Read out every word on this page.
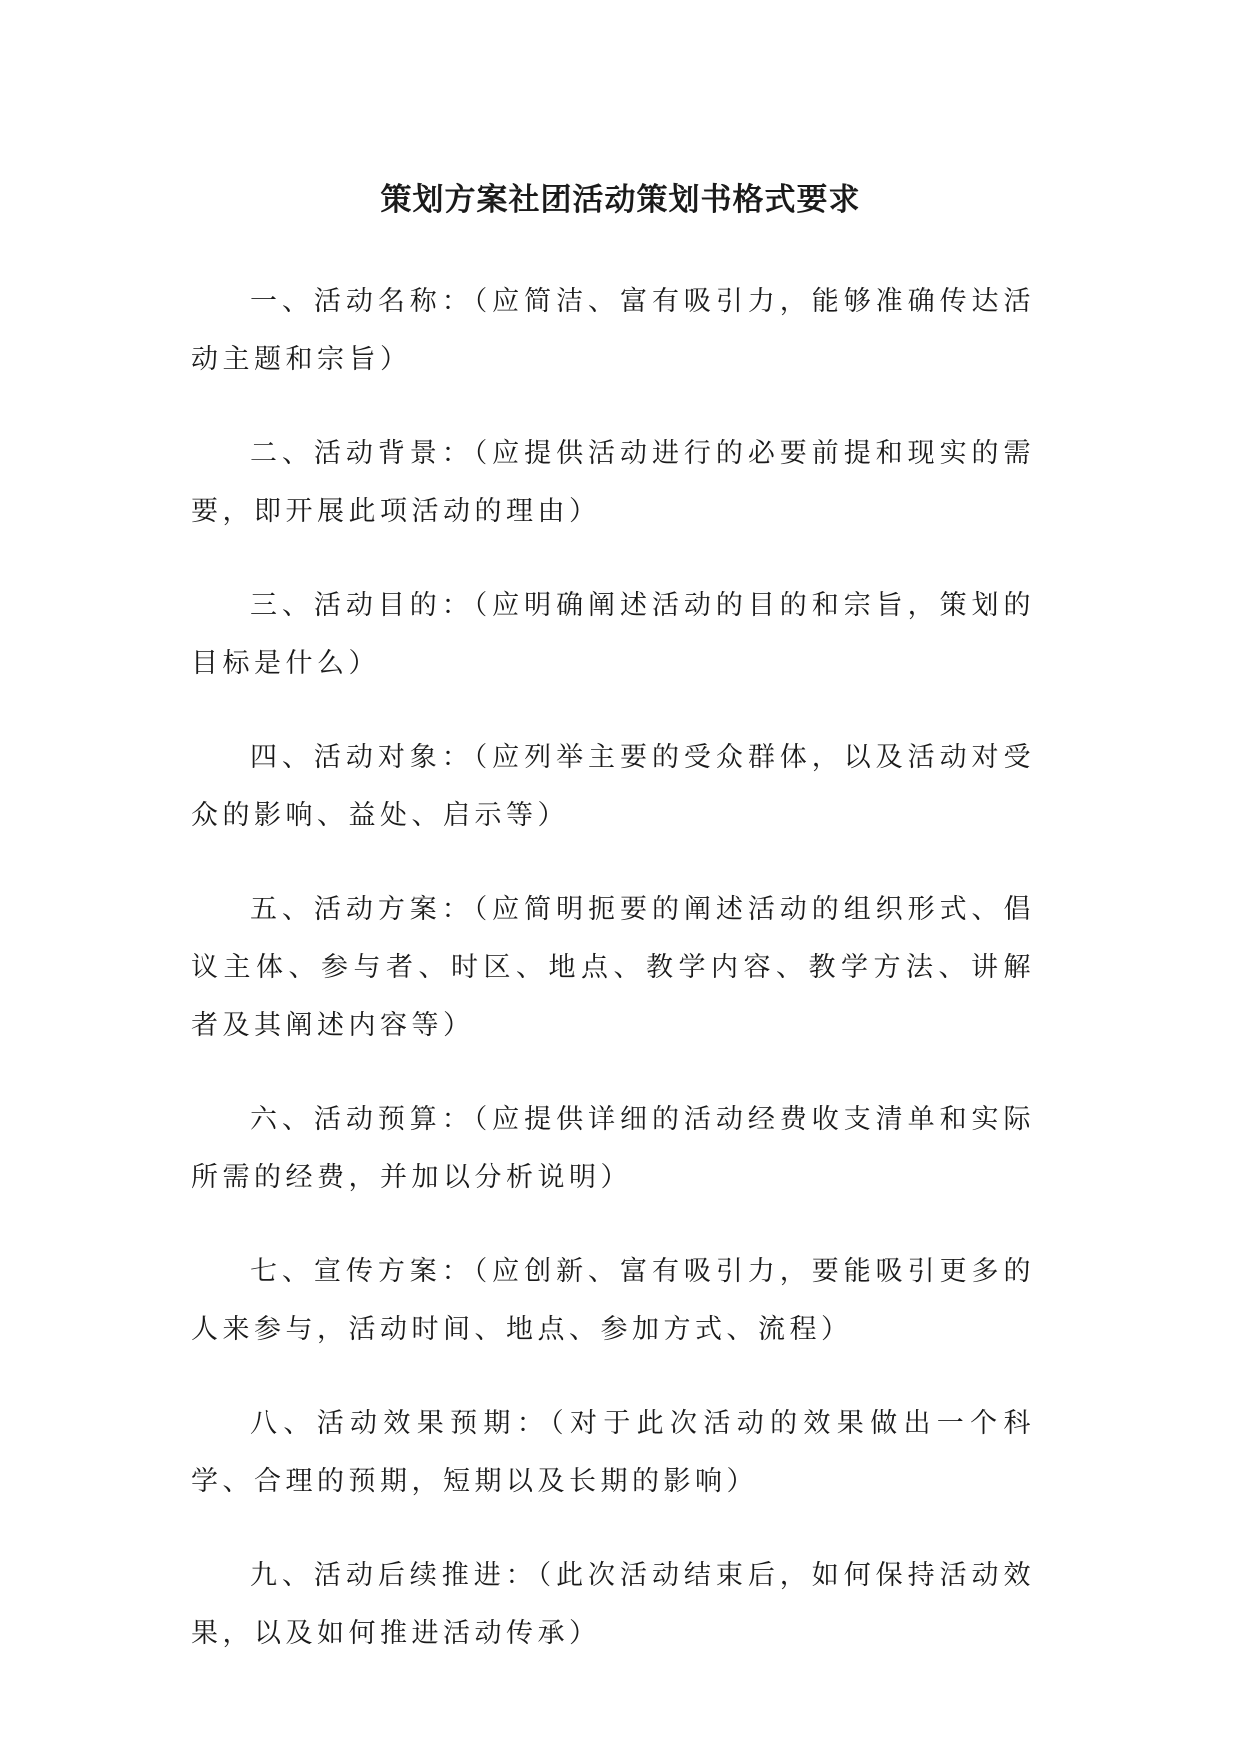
策划方案社团活动策划书格式要求

一、活动名称：（应简洁、富有吸引力，能够准确传达活动主题和宗旨）

二、活动背景：（应提供活动进行的必要前提和现实的需要，即开展此项活动的理由）

三、活动目的：（应明确阐述活动的目的和宗旨，策划的目标是什么）

四、活动对象：（应列举主要的受众群体，以及活动对受众的影响、益处、启示等）

五、活动方案：（应简明扼要的阐述活动的组织形式、倡议主体、参与者、时区、地点、教学内容、教学方法、讲解者及其阐述内容等）

六、活动预算：（应提供详细的活动经费收支清单和实际所需的经费，并加以分析说明）

七、宣传方案：（应创新、富有吸引力，要能吸引更多的人来参与，活动时间、地点、参加方式、流程）

八、活动效果预期：（对于此次活动的效果做出一个科学、合理的预期，短期以及长期的影响）

九、活动后续推进：（此次活动结束后，如何保持活动效果，以及如何推进活动传承）
